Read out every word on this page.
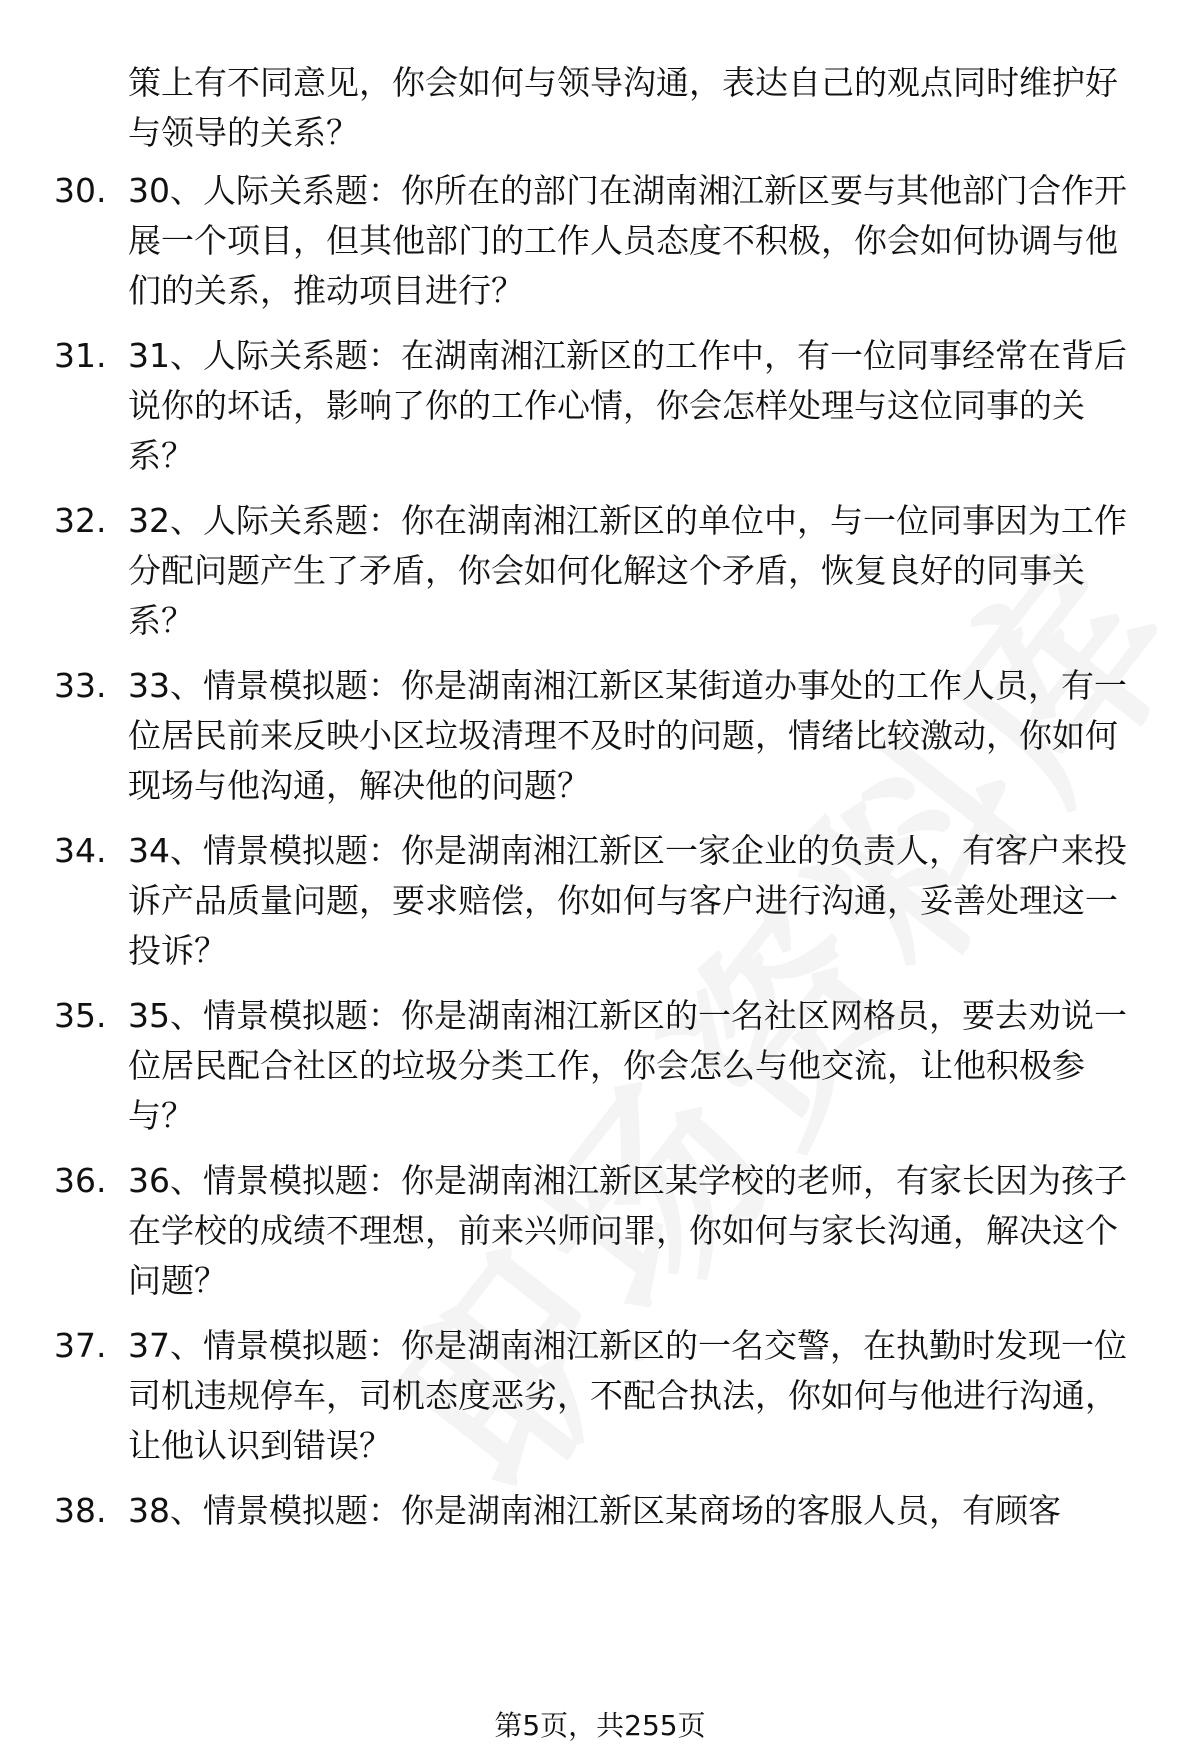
策上有不同意见，你会如何与领导沟通，表达自己的观点同时维护好与领导的关系？
30. 30、人际关系题：你所在的部门在湖南湘江新区要与其他部门合作开展一个项目，但其他部门的工作人员态度不积极，你会如何协调与他们的关系，推动项目进行？
31. 31、人际关系题：在湖南湘江新区的工作中，有一位同事经常在背后说你的坏话，影响了你的工作心情，你会怎样处理与这位同事的关系？
32. 32、人际关系题：你在湖南湘江新区的单位中，与一位同事因为工作分配问题产生了矛盾，你会如何化解这个矛盾，恢复良好的同事关系？
33. 33、情景模拟题：你是湖南湘江新区某街道办事处的工作人员，有一位居民前来反映小区垃圾清理不及时的问题，情绪比较激动，你如何现场与他沟通，解决他的问题？
34. 34、情景模拟题：你是湖南湘江新区一家企业的负责人，有客户来投诉产品质量问题，要求赔偿，你如何与客户进行沟通，妥善处理这一投诉？
35. 35、情景模拟题：你是湖南湘江新区的一名社区网格员，要去劝说一位居民配合社区的垃圾分类工作，你会怎么与他交流，让他积极参与？
36. 36、情景模拟题：你是湖南湘江新区某学校的老师，有家长因为孩子在学校的成绩不理想，前来兴师问罪，你如何与家长沟通，解决这个问题？
37. 37、情景模拟题：你是湖南湘江新区的一名交警，在执勤时发现一位司机违规停车，司机态度恶劣，不配合执法，你如何与他进行沟通，让他认识到错误？
38. 38、情景模拟题：你是湖南湘江新区某商场的客服人员，有顾客
第5页，共255页
